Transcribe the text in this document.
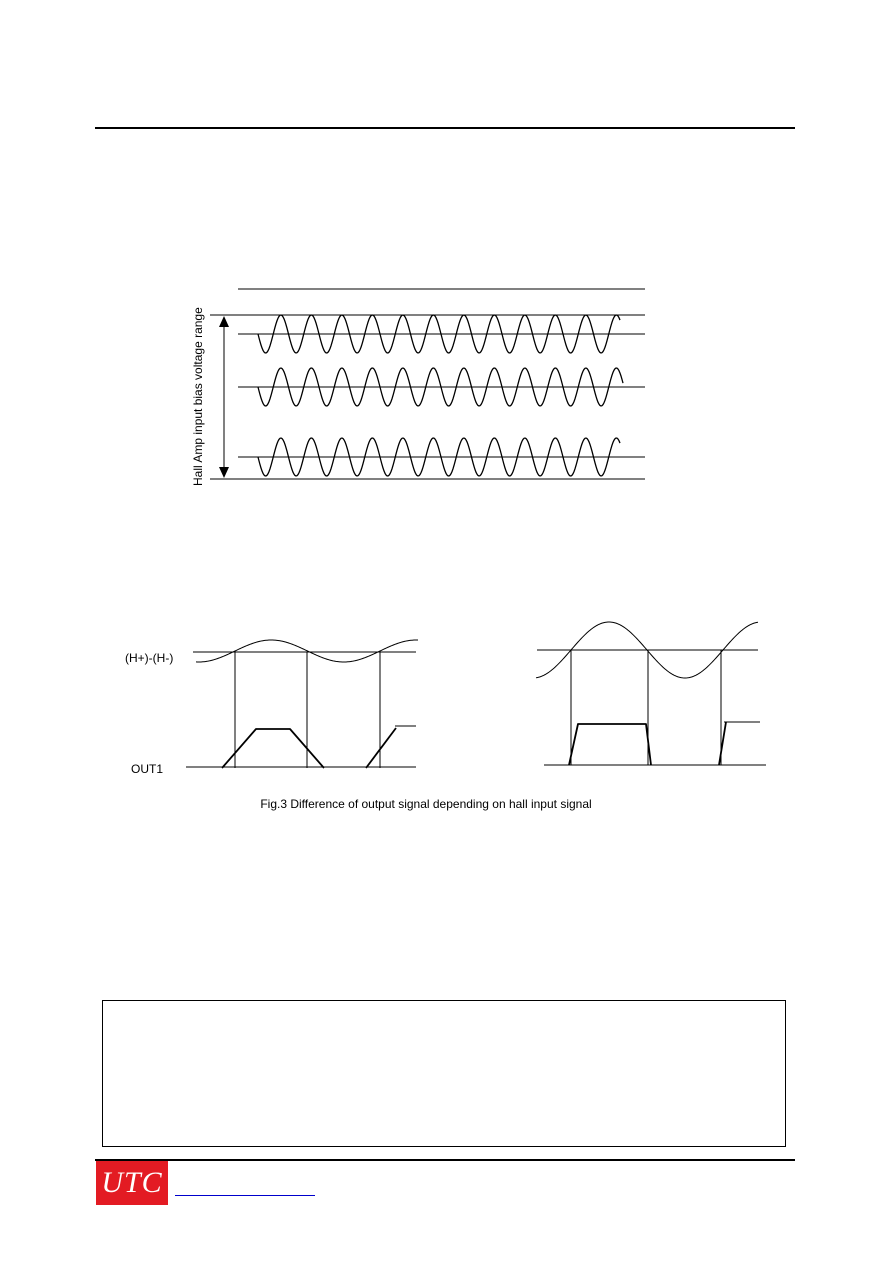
Hall Amp input bias voltage range
(H+)-(H-)
OUT1
Fig.3 Difference of output signal depending on hall input signal
UTC
